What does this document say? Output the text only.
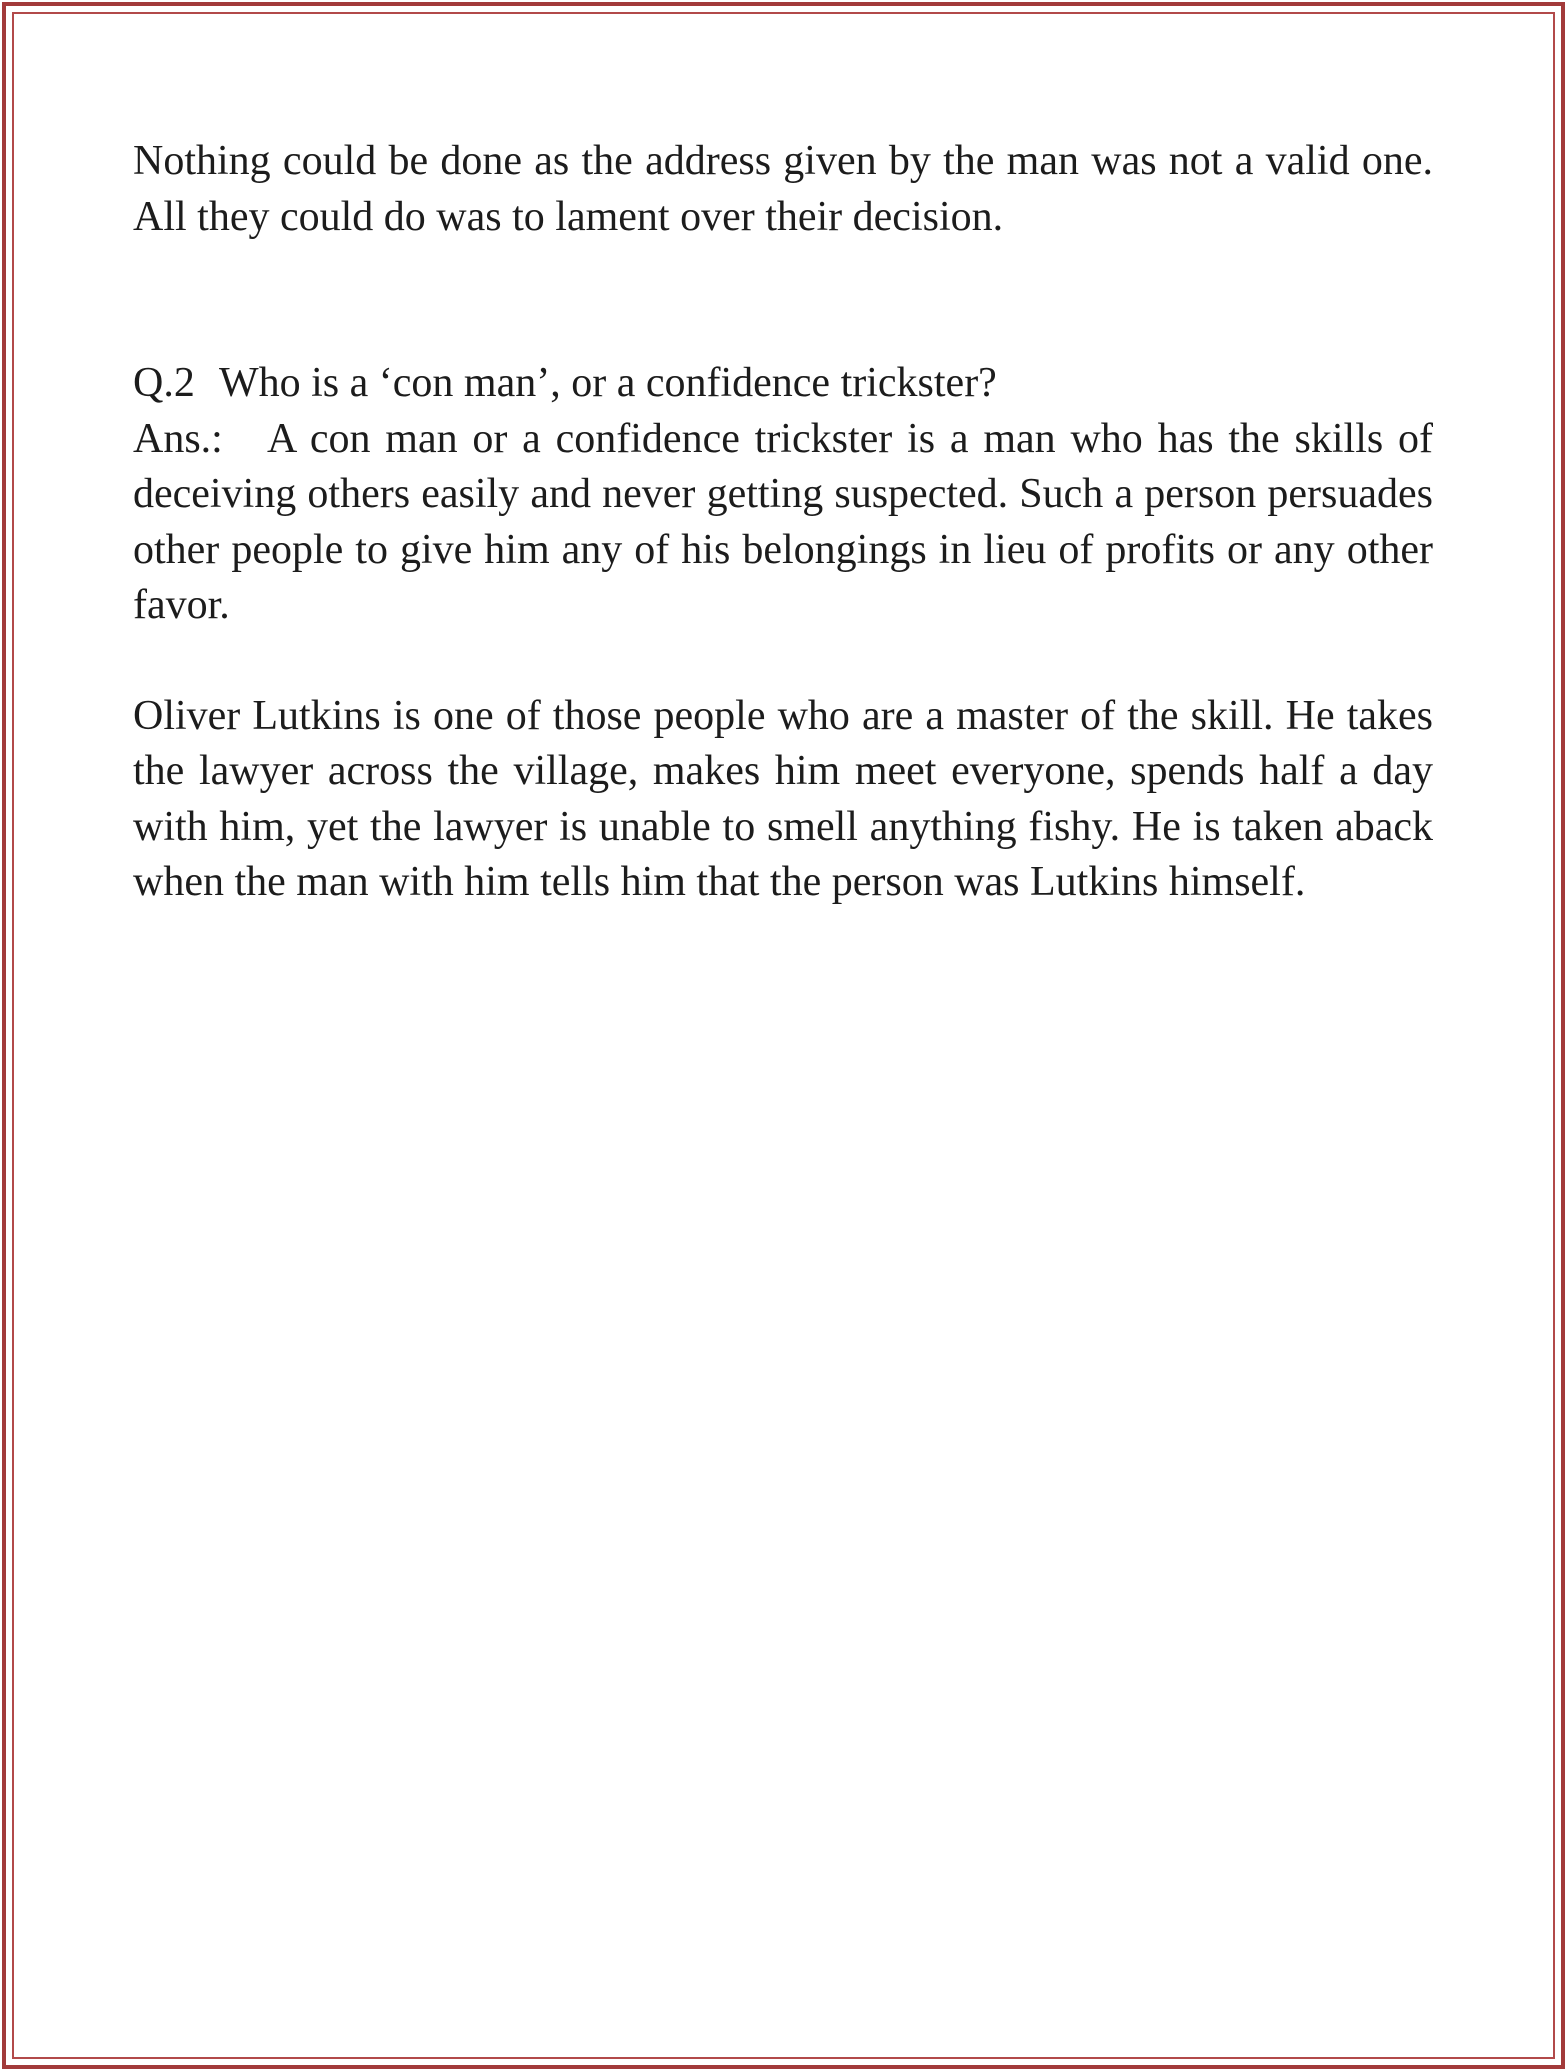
Nothing could be done as the address given by the man was not a valid one. All they could do was to lament over their decision.

Q.2 Who is a ‘con man’, or a confidence trickster?

Ans.: A con man or a confidence trickster is a man who has the skills of deceiving others easily and never getting suspected. Such a person persuades other people to give him any of his belongings in lieu of profits or any other favor.

Oliver Lutkins is one of those people who are a master of the skill. He takes the lawyer across the village, makes him meet everyone, spends half a day with him, yet the lawyer is unable to smell anything fishy. He is taken aback when the man with him tells him that the person was Lutkins himself.
